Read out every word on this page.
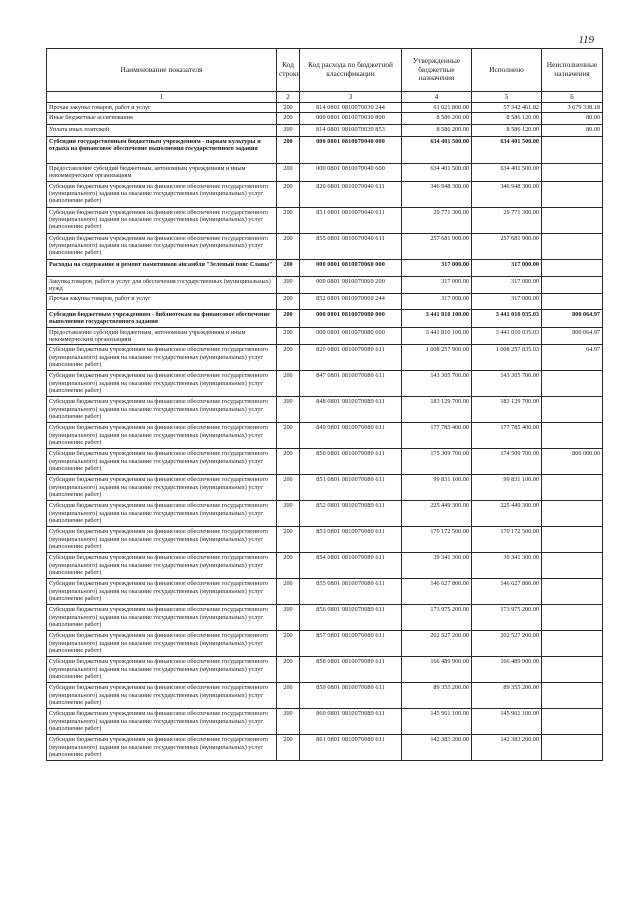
119
Наименование показателя	Код строки	Код расхода по бюджетной классификации	Утвержденные бюджетные назначения	Исполнено	Неисполненные назначения
1	2	3	4	5	6
Прочая закупка товаров, работ и услуг	200	814 0801 0810070030 244	61 021 800.00	57 342 461.82	3 679 338.18
Иные бюджетные ассигнования	200	000 0801 0810070030 800	8 586 200.00	8 586 120.00	80.00
Уплата иных платежей	200	814 0801 0810070030 853	8 586 200.00	8 586 120.00	80.00
Субсидии государственным бюджетным учреждениям - паркам культуры и отдыха на финансовое обеспечение выполнения государственного задания	200	000 0801 0810070040 000	634 401 500.00	634 401 500.00	
Предоставление субсидий бюджетным, автономным учреждениям и иным некоммерческим организациям	200	000 0801 0810070040 600	634 401 500.00	634 401 500.00	
Субсидии бюджетным учреждениям на финансовое обеспечение государственного (муниципального) задания на оказание государственных (муниципальных) услуг (выполнение работ)	200	820 0801 0810070040 611	346 948 300.00	346 948 300.00	
Субсидии бюджетным учреждениям на финансовое обеспечение государственного (муниципального) задания на оказание государственных (муниципальных) услуг (выполнение работ)	200	851 0801 0810070040 611	29 771 300.00	29 771 300.00	
Субсидии бюджетным учреждениям на финансовое обеспечение государственного (муниципального) задания на оказание государственных (муниципальных) услуг (выполнение работ)	200	855 0801 0810070040 611	257 681 900.00	257 681 900.00	
Расходы на содержание и ремонт памятников ансамбля "Зеленый пояс Славы"	200	000 0801 0810070060 000	317 000.00	317 000.00	
Закупка товаров, работ и услуг для обеспечения государственных (муниципальных) нужд	200	000 0801 0810070060 200	317 000.00	317 000.00	
Прочая закупка товаров, работ и услуг	200	852 0801 0810070060 244	317 000.00	317 000.00	
Субсидии бюджетным учреждениям - библиотекам на финансовое обеспечение выполнения государственного задания	200	000 0801 0810070080 000	3 441 810 100.00	3 441 010 035.03	800 064.97
Предоставление субсидий бюджетным, автономным учреждениям и иным некоммерческим организациям	200	000 0801 0810070080 600	3 441 810 100.00	3 441 010 035.03	800 064.97
Субсидии бюджетным учреждениям на финансовое обеспечение государственного (муниципального) задания на оказание государственных (муниципальных) услуг (выполнение работ)	200	820 0801 0810070080 611	1 008 257 900.00	1 008 257 835.03	64.97
Субсидии бюджетным учреждениям на финансовое обеспечение государственного (муниципального) задания на оказание государственных (муниципальных) услуг (выполнение работ)	200	847 0801 0810070080 611	143 305 700.00	143 305 700.00	
Субсидии бюджетным учреждениям на финансовое обеспечение государственного (муниципального) задания на оказание государственных (муниципальных) услуг (выполнение работ)	200	848 0801 0810070080 611	183 129 700.00	183 129 700.00	
Субсидии бюджетным учреждениям на финансовое обеспечение государственного (муниципального) задания на оказание государственных (муниципальных) услуг (выполнение работ)	200	849 0801 0810070080 611	177 785 400.00	177 785 400.00	
Субсидии бюджетным учреждениям на финансовое обеспечение государственного (муниципального) задания на оказание государственных (муниципальных) услуг (выполнение работ)	200	850 0801 0810070080 611	175 309 700.00	174 509 700.00	800 000.00
Субсидии бюджетным учреждениям на финансовое обеспечение государственного (муниципального) задания на оказание государственных (муниципальных) услуг (выполнение работ)	200	851 0801 0810070080 611	99 831 100.00	99 831 100.00	
Субсидии бюджетным учреждениям на финансовое обеспечение государственного (муниципального) задания на оказание государственных (муниципальных) услуг (выполнение работ)	200	852 0801 0810070080 611	225 449 300.00	225 449 300.00	
Субсидии бюджетным учреждениям на финансовое обеспечение государственного (муниципального) задания на оказание государственных (муниципальных) услуг (выполнение работ)	200	853 0801 0810070080 611	170 172 500.00	170 172 500.00	
Субсидии бюджетным учреждениям на финансовое обеспечение государственного (муниципального) задания на оказание государственных (муниципальных) услуг (выполнение работ)	200	854 0801 0810070080 611	39 341 300.00	39 341 300.00	
Субсидии бюджетным учреждениям на финансовое обеспечение государственного (муниципального) задания на оказание государственных (муниципальных) услуг (выполнение работ)	200	855 0801 0810070080 611	146 627 800.00	146 627 800.00	
Субсидии бюджетным учреждениям на финансовое обеспечение государственного (муниципального) задания на оказание государственных (муниципальных) услуг (выполнение работ)	200	856 0801 0810070080 611	173 975 200.00	173 975 200.00	
Субсидии бюджетным учреждениям на финансовое обеспечение государственного (муниципального) задания на оказание государственных (муниципальных) услуг (выполнение работ)	200	857 0801 0810070080 611	202 527 200.00	202 527 200.00	
Субсидии бюджетным учреждениям на финансовое обеспечение государственного (муниципального) задания на оказание государственных (муниципальных) услуг (выполнение работ)	200	858 0801 0810070080 611	166 489 900.00	166 489 900.00	
Субсидии бюджетным учреждениям на финансовое обеспечение государственного (муниципального) задания на оказание государственных (муниципальных) услуг (выполнение работ)	200	859 0801 0810070080 611	89 355 200.00	89 355 200.00	
Субсидии бюджетным учреждениям на финансовое обеспечение государственного (муниципального) задания на оказание государственных (муниципальных) услуг (выполнение работ)	200	860 0801 0810070080 611	145 961 100.00	145 961 100.00	
Субсидии бюджетным учреждениям на финансовое обеспечение государственного (муниципального) задания на оказание государственных (муниципальных) услуг (выполнение работ)	200	861 0801 0810070080 611	142 383 200.00	142 383 200.00	
